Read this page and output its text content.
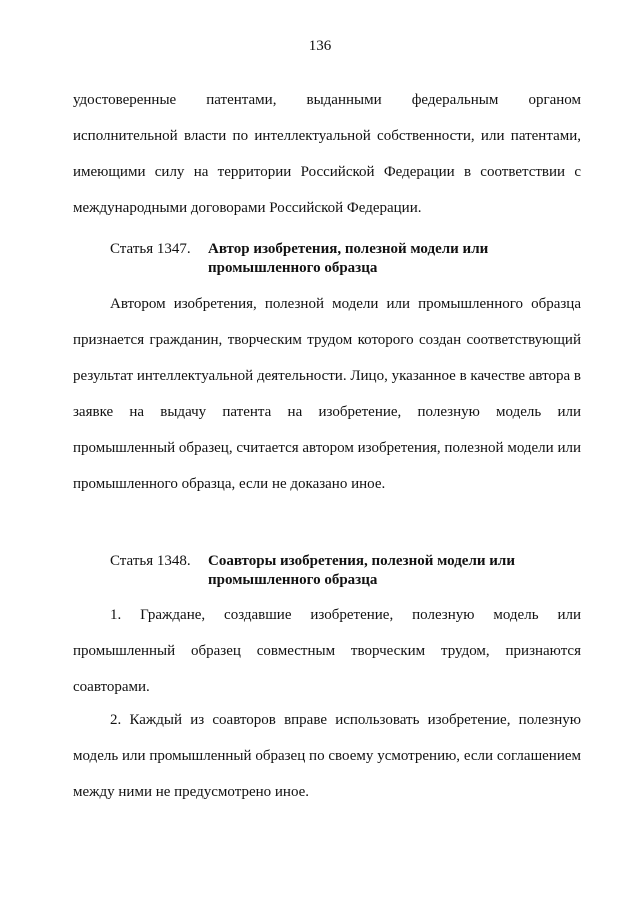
136
удостоверенные патентами, выданными федеральным органом исполнительной власти по интеллектуальной собственности, или патентами, имеющими силу на территории Российской Федерации в соответствии с международными договорами Российской Федерации.
Статья 1347.	Автор изобретения, полезной модели или промышленного образца
Автором изобретения, полезной модели или промышленного образца признается гражданин, творческим трудом которого создан соответствующий результат интеллектуальной деятельности. Лицо, указанное в качестве автора в заявке на выдачу патента на изобретение, полезную модель или промышленный образец, считается автором изобретения, полезной модели или промышленного образца, если не доказано иное.
Статья 1348.	Соавторы изобретения, полезной модели или промышленного образца
1. Граждане, создавшие изобретение, полезную модель или промышленный образец совместным творческим трудом, признаются соавторами.
2. Каждый из соавторов вправе использовать изобретение, полезную модель или промышленный образец по своему усмотрению, если соглашением между ними не предусмотрено иное.
